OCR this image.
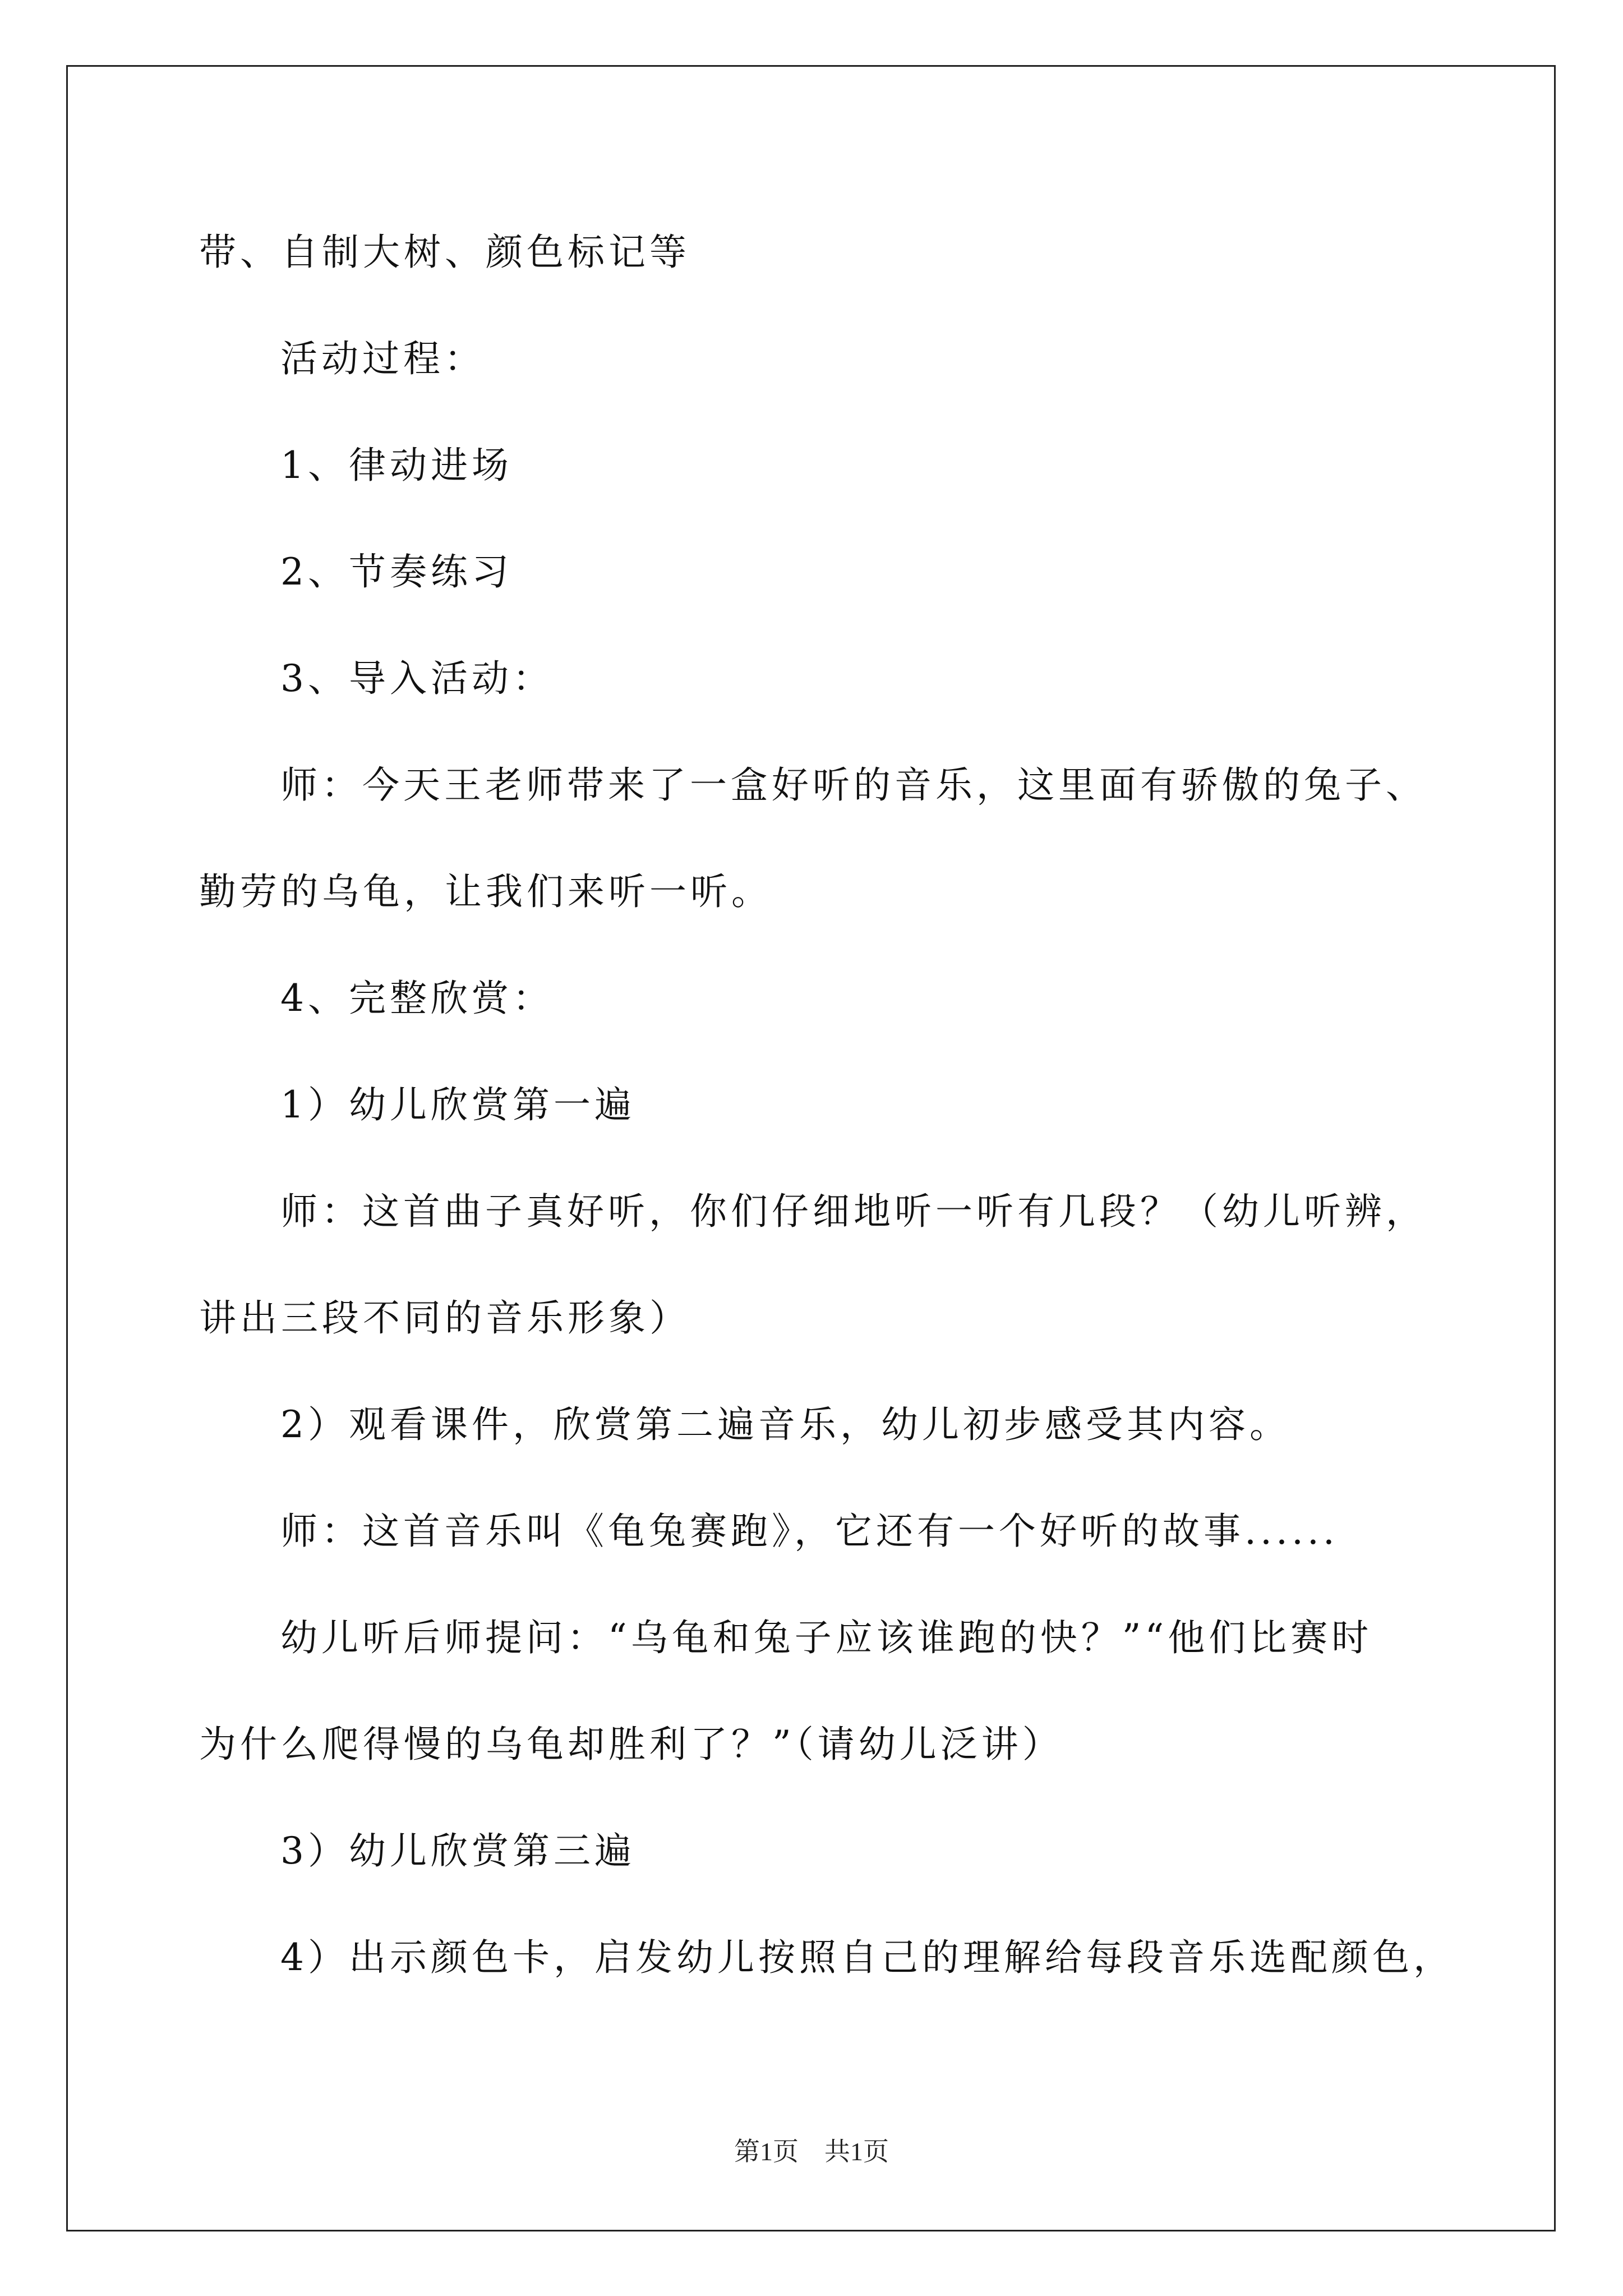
带、自制大树、颜色标记等
活动过程：
1、律动进场
2、节奏练习
3、导入活动：
师：今天王老师带来了一盒好听的音乐，这里面有骄傲的兔子、
勤劳的乌龟，让我们来听一听。
4、完整欣赏：
1）幼儿欣赏第一遍
师：这首曲子真好听，你们仔细地听一听有几段？（幼儿听辨，
讲出三段不同的音乐形象）
2）观看课件，欣赏第二遍音乐，幼儿初步感受其内容。
师：这首音乐叫《龟兔赛跑》，它还有一个好听的故事......
幼儿听后师提问：“乌龟和兔子应该谁跑的快？”“他们比赛时
为什么爬得慢的乌龟却胜利了？”（请幼儿泛讲）
3）幼儿欣赏第三遍
4）出示颜色卡，启发幼儿按照自己的理解给每段音乐选配颜色，
第1页 共1页
